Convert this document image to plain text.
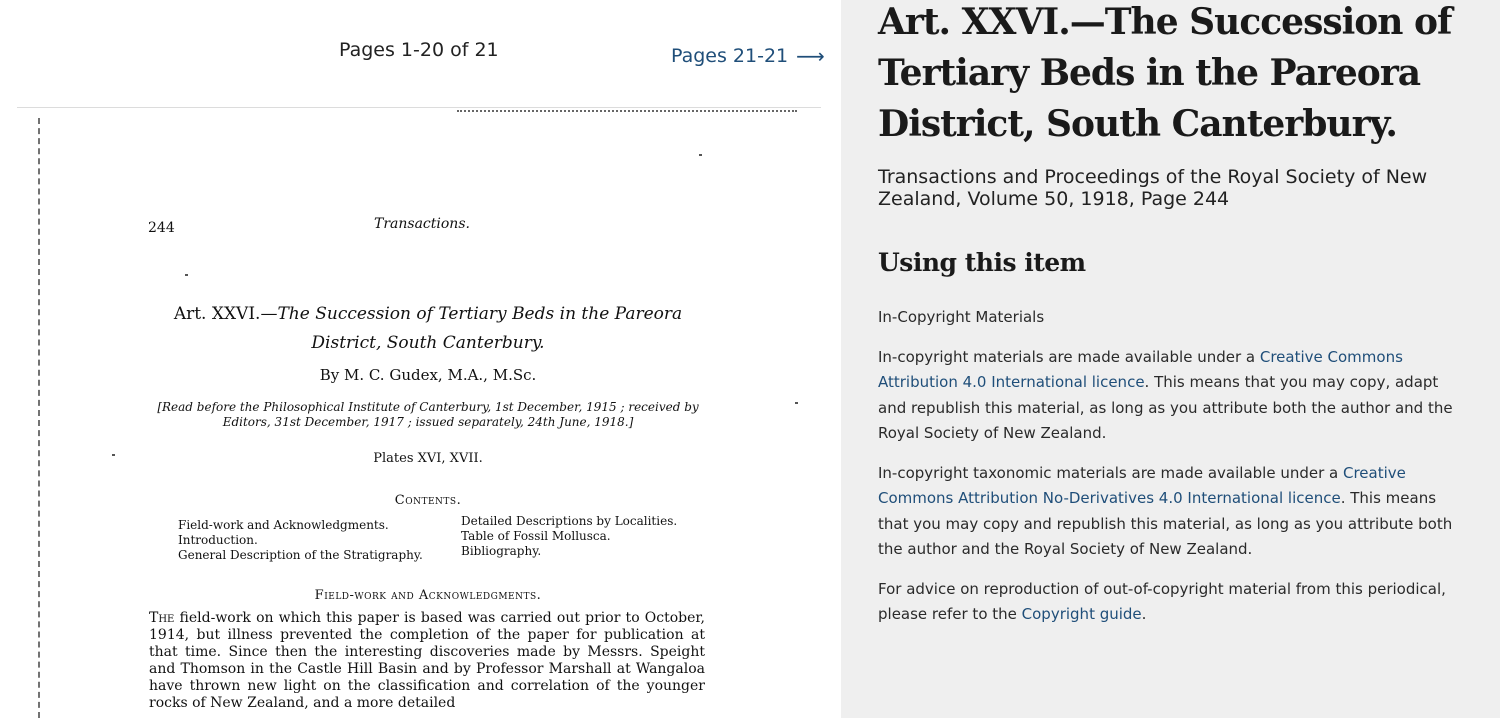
Pages 1-20 of 21	Pages 21-21 ⟶
244	Transactions.
Art. XXVI.—The Succession of Tertiary Beds in the Pareora District, South Canterbury.
By M. C. Gudex, M.A., M.Sc.
[Read before the Philosophical Institute of Canterbury, 1st December, 1915 ; received by Editors, 31st December, 1917 ; issued separately, 24th June, 1918.]
Plates XVI, XVII.
Contents.
Field-work and Acknowledgments.
Introduction.
General Description of the Stratigraphy.
Detailed Descriptions by Localities.
Table of Fossil Mollusca.
Bibliography.
Field-work and Acknowledgments.
The field-work on which this paper is based was carried out prior to October, 1914, but illness prevented the completion of the paper for publication at that time. Since then the interesting discoveries made by Messrs. Speight and Thomson in the Castle Hill Basin and by Professor Marshall at Wangaloa have thrown new light on the classification and correlation of the younger rocks of New Zealand, and a more detailed
Art. XXVI.—The Succession of Tertiary Beds in the Pareora District, South Canterbury.
Transactions and Proceedings of the Royal Society of New Zealand, Volume 50, 1918, Page 244
Using this item

In-Copyright Materials

In-copyright materials are made available under a Creative Commons Attribution 4.0 International licence. This means that you may copy, adapt and republish this material, as long as you attribute both the author and the Royal Society of New Zealand.

In-copyright taxonomic materials are made available under a Creative Commons Attribution No-Derivatives 4.0 International licence. This means that you may copy and republish this material, as long as you attribute both the author and the Royal Society of New Zealand.

For advice on reproduction of out-of-copyright material from this periodical, please refer to the Copyright guide.
